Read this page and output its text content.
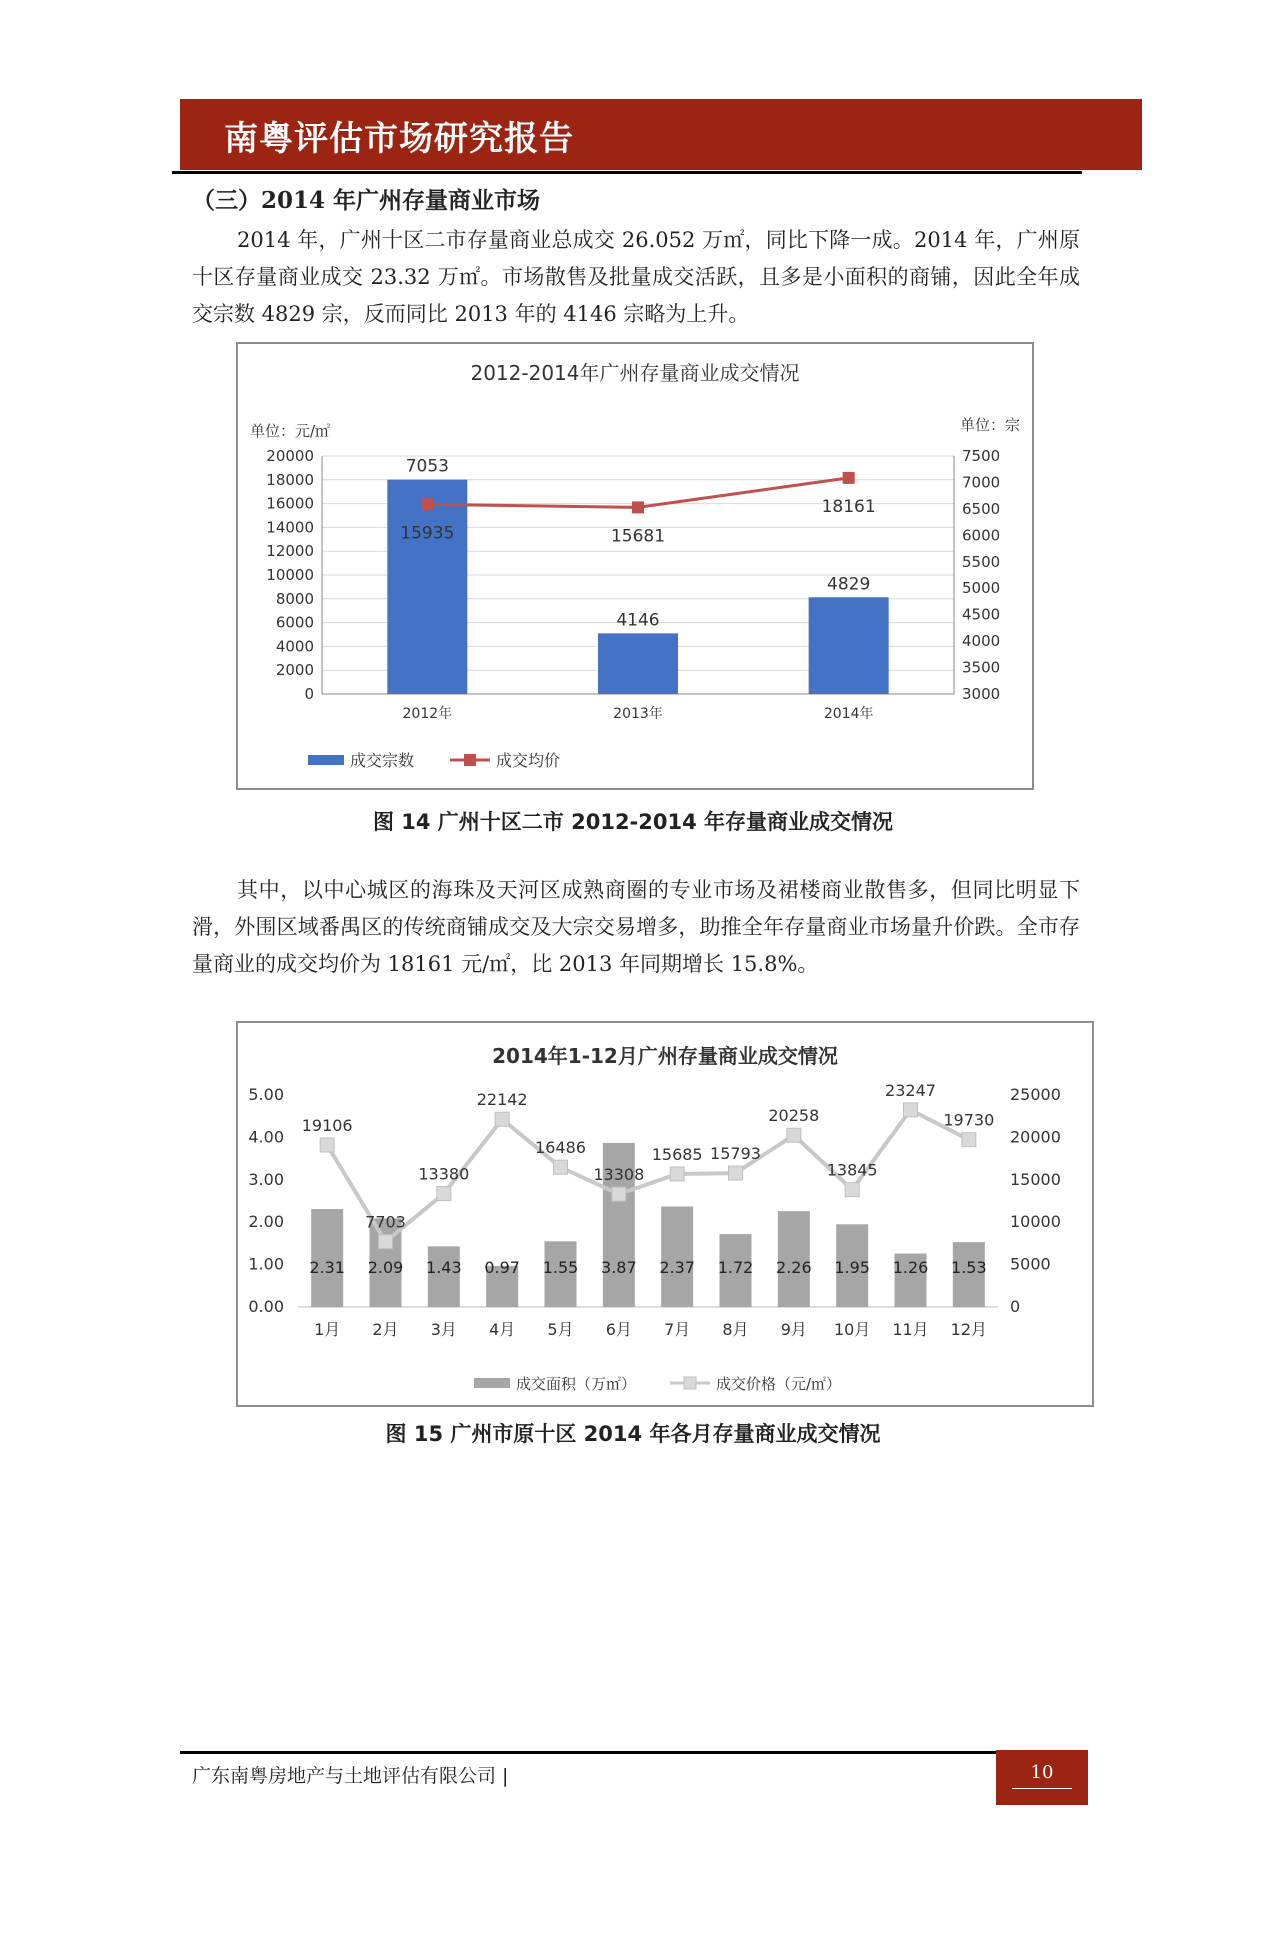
南粤评估市场研究报告
（三）2014 年广州存量商业市场

2014 年，广州十区二市存量商业总成交 26.052 万㎡，同比下降一成。2014 年，广州原十区存量商业成交 23.32 万㎡。市场散售及批量成交活跃，且多是小面积的商铺，因此全年成交宗数 4829 宗，反而同比 2013 年的 4146 宗略为上升。

2012-2014年广州存量商业成交情况
单位：元/㎡	单位：宗
0
2000
4000
6000
8000
10000
12000
14000
16000
18000
20000
3000
3500
4000
4500
5000
5500
6000
6500
7000
7500
7053
2012年
4146
2013年
4829
2014年
15935	15681
18161
成交宗数	成交均价
图 14 广州十区二市 2012-2014 年存量商业成交情况

其中，以中心城区的海珠及天河区成熟商圈的专业市场及裙楼商业散售多，但同比明显下滑，外围区域番禺区的传统商铺成交及大宗交易增多，助推全年存量商业市场量升价跌。全市存量商业的成交均价为 18161 元/㎡，比 2013 年同期增长 15.8%。

2014年1-12月广州存量商业成交情况
0.00
1.00
2.00
3.00
4.00
5.00
0
5000
10000
15000
20000
25000
2.31
1月
2.09
2月
1.43
3月
0.97
4月
1.55
5月
3.87
6月
2.37
7月
1.72
8月
2.26
9月
1.95
10月
1.26
11月
1.53
12月
19106
7703
13380
22142
16486
13308
15685 15793
20258
13845
23247
19730
成交面积（万㎡）	成交价格（元/㎡）
图 15 广州市原十区 2014 年各月存量商业成交情况
广东南粤房地产与土地评估有限公司 |	10
